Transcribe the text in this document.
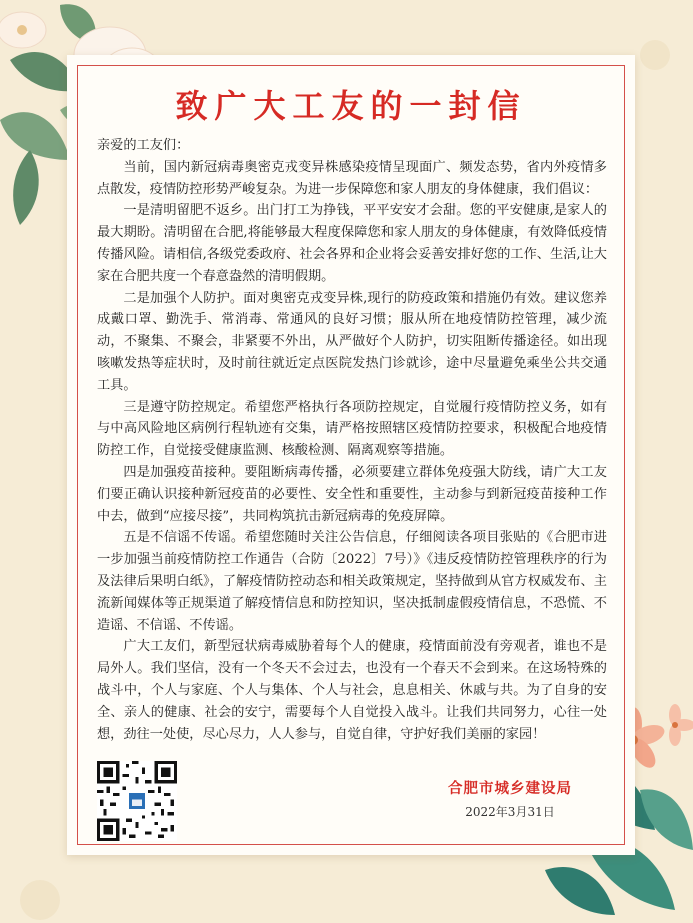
致广大工友的一封信

亲爱的工友们：

当前，国内新冠病毒奥密克戎变异株感染疫情呈现面广、频发态势，省内外疫情多点散发，疫情防控形势严峻复杂。为进一步保障您和家人朋友的身体健康，我们倡议：

一是清明留肥不返乡。出门打工为挣钱，平平安安才会甜。您的平安健康,是家人的最大期盼。清明留在合肥,将能够最大程度保障您和家人朋友的身体健康，有效降低疫情传播风险。请相信,各级党委政府、社会各界和企业将会妥善安排好您的工作、生活,让大家在合肥共度一个春意盎然的清明假期。

二是加强个人防护。面对奥密克戎变异株,现行的防疫政策和措施仍有效。建议您养成戴口罩、勤洗手、常消毒、常通风的良好习惯；服从所在地疫情防控管理，减少流动，不聚集、不聚会，非紧要不外出，从严做好个人防护，切实阻断传播途径。如出现咳嗽发热等症状时，及时前往就近定点医院发热门诊就诊，途中尽量避免乘坐公共交通工具。

三是遵守防控规定。希望您严格执行各项防控规定，自觉履行疫情防控义务，如有与中高风险地区病例行程轨迹有交集，请严格按照辖区疫情防控要求，积极配合地疫情防控工作，自觉接受健康监测、核酸检测、隔离观察等措施。

四是加强疫苗接种。要阻断病毒传播，必须要建立群体免疫强大防线，请广大工友们要正确认识接种新冠疫苗的必要性、安全性和重要性，主动参与到新冠疫苗接种工作中去，做到“应接尽接”，共同构筑抗击新冠病毒的免疫屏障。

五是不信谣不传谣。希望您随时关注公告信息，仔细阅读各项目张贴的《合肥市进一步加强当前疫情防控工作通告（合防〔2022〕7号）》《违反疫情防控管理秩序的行为及法律后果明白纸》，了解疫情防控动态和相关政策规定，坚持做到从官方权威发布、主流新闻媒体等正规渠道了解疫情信息和防控知识，坚决抵制虚假疫情信息，不恐慌、不造谣、不信谣、不传谣。

广大工友们，新型冠状病毒威胁着每个人的健康，疫情面前没有旁观者，谁也不是局外人。我们坚信，没有一个冬天不会过去，也没有一个春天不会到来。在这场特殊的战斗中，个人与家庭、个人与集体、个人与社会，息息相关、休戚与共。为了自身的安全、亲人的健康、社会的安宁，需要每个人自觉投入战斗。让我们共同努力，心往一处想，劲往一处使，尽心尽力，人人参与，自觉自律，守护好我们美丽的家园！

合肥市城乡建设局
2022年3月31日
